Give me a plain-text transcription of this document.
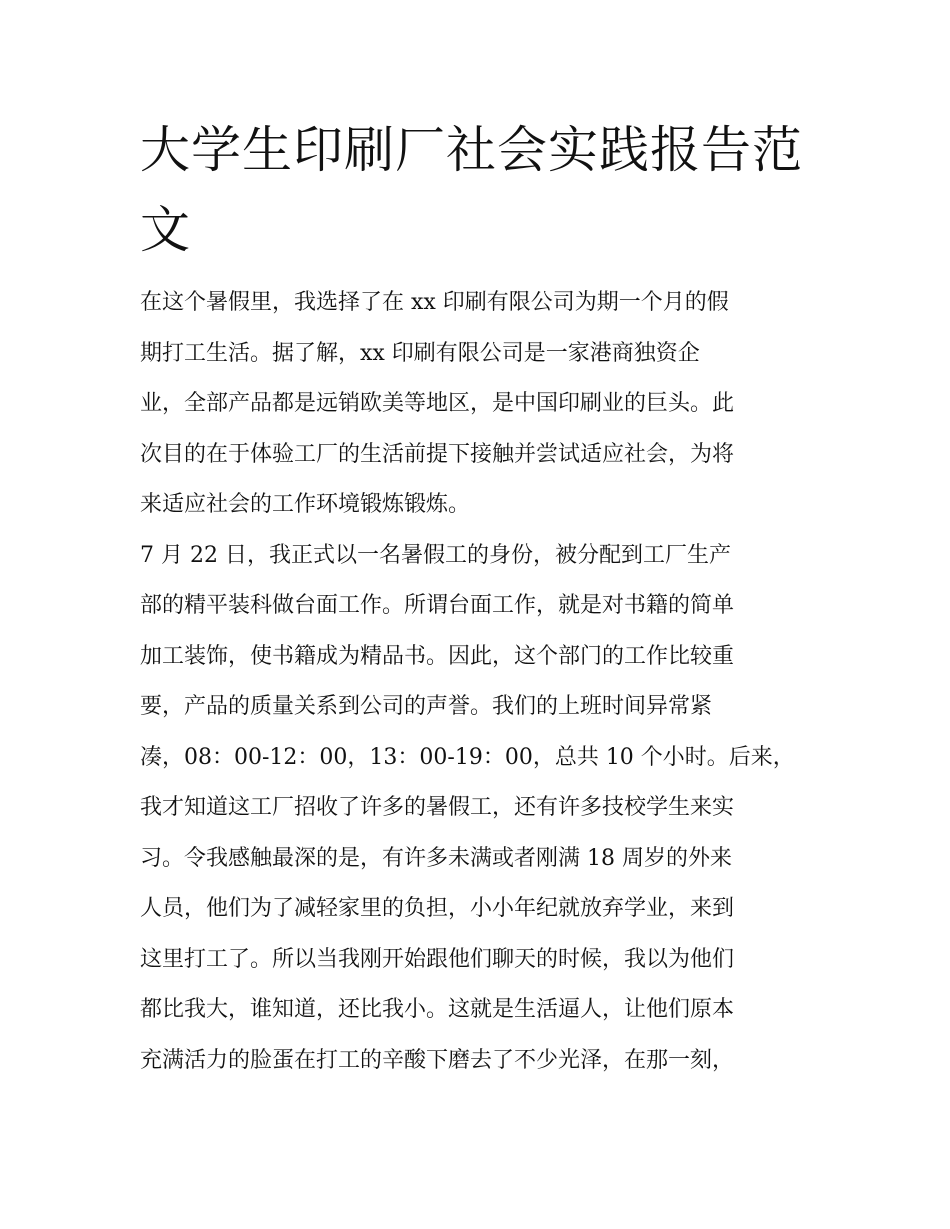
大学生印刷厂社会实践报告范
文
在这个暑假里，我选择了在 xx 印刷有限公司为期一个月的假
期打工生活。据了解，xx 印刷有限公司是一家港商独资企
业，全部产品都是远销欧美等地区，是中国印刷业的巨头。此
次目的在于体验工厂的生活前提下接触并尝试适应社会，为将
来适应社会的工作环境锻炼锻炼。
7 月 22 日，我正式以一名暑假工的身份，被分配到工厂生产
部的精平装科做台面工作。所谓台面工作，就是对书籍的简单
加工装饰，使书籍成为精品书。因此，这个部门的工作比较重
要，产品的质量关系到公司的声誉。我们的上班时间异常紧
凑，08：00-12：00，13：00-19：00，总共 10 个小时。后来，
我才知道这工厂招收了许多的暑假工，还有许多技校学生来实
习。令我感触最深的是，有许多未满或者刚满 18 周岁的外来
人员，他们为了减轻家里的负担，小小年纪就放弃学业，来到
这里打工了。所以当我刚开始跟他们聊天的时候，我以为他们
都比我大，谁知道，还比我小。这就是生活逼人，让他们原本
充满活力的脸蛋在打工的辛酸下磨去了不少光泽，在那一刻，
